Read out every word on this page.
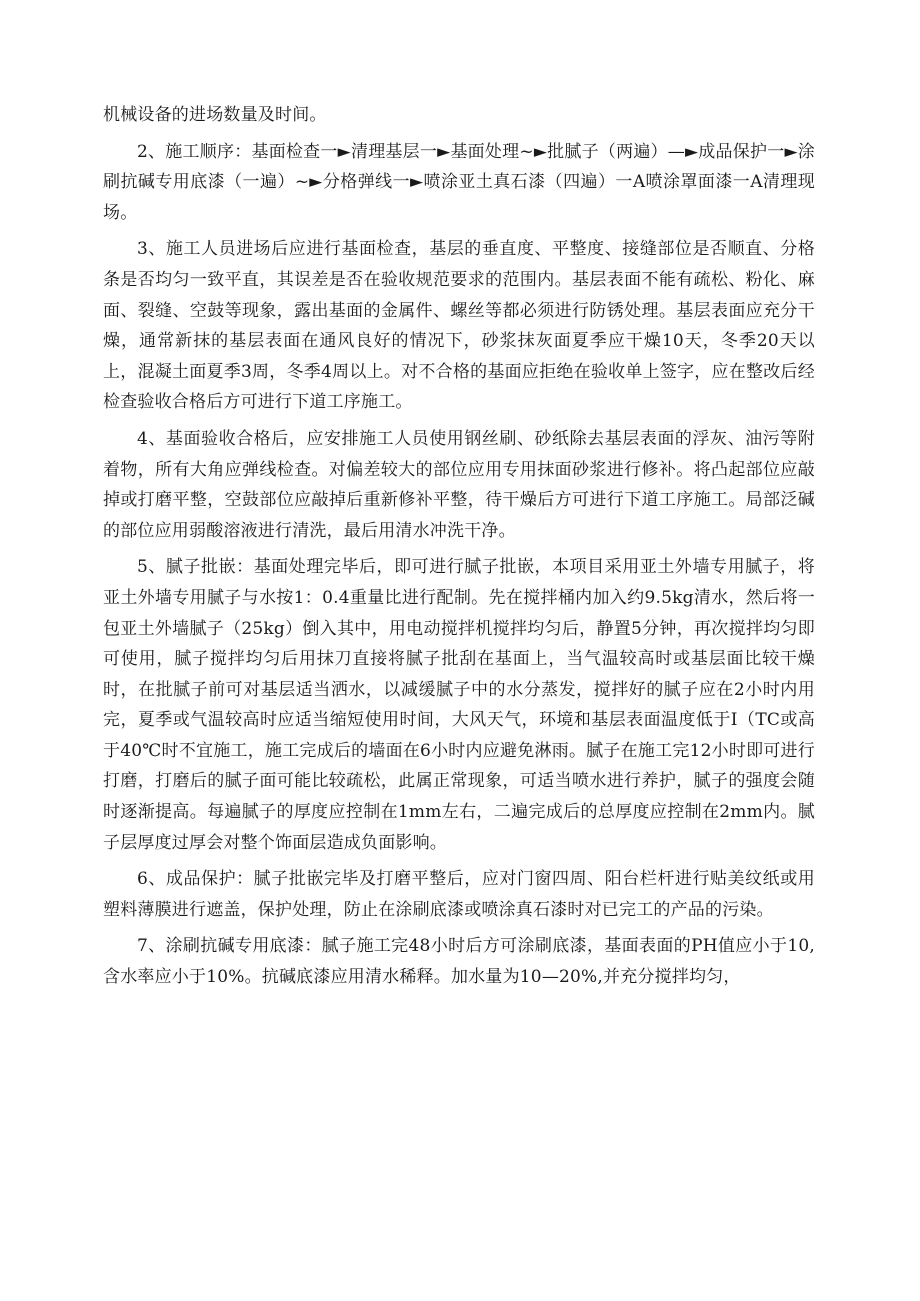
机械设备的进场数量及时间。

2、施工顺序：基面检查一►清理基层一►基面处理~►批腻子（两遍）—►成品保护一►涂刷抗碱专用底漆（一遍）~►分格弹线一►喷涂亚土真石漆（四遍）一A喷涂罩面漆一A清理现场。

3、施工人员进场后应进行基面检查，基层的垂直度、平整度、接缝部位是否顺直、分格条是否均匀一致平直，其误差是否在验收规范要求的范围内。基层表面不能有疏松、粉化、麻面、裂缝、空鼓等现象，露出基面的金属件、螺丝等都必须进行防锈处理。基层表面应充分干燥，通常新抹的基层表面在通风良好的情况下，砂浆抹灰面夏季应干燥10天，冬季20天以上，混凝土面夏季3周，冬季4周以上。对不合格的基面应拒绝在验收单上签字，应在整改后经检查验收合格后方可进行下道工序施工。

4、基面验收合格后，应安排施工人员使用钢丝刷、砂纸除去基层表面的浮灰、油污等附着物，所有大角应弹线检查。对偏差较大的部位应用专用抹面砂浆进行修补。将凸起部位应敲掉或打磨平整，空鼓部位应敲掉后重新修补平整，待干燥后方可进行下道工序施工。局部泛碱的部位应用弱酸溶液进行清洗，最后用清水冲洗干净。

5、腻子批嵌：基面处理完毕后，即可进行腻子批嵌，本项目采用亚土外墙专用腻子，将亚土外墙专用腻子与水按1：0.4重量比进行配制。先在搅拌桶内加入约9.5kg清水，然后将一包亚土外墙腻子（25kg）倒入其中，用电动搅拌机搅拌均匀后，静置5分钟，再次搅拌均匀即可使用，腻子搅拌均匀后用抹刀直接将腻子批刮在基面上，当气温较高时或基层面比较干燥时，在批腻子前可对基层适当洒水，以减缓腻子中的水分蒸发，搅拌好的腻子应在2小时内用完，夏季或气温较高时应适当缩短使用时间，大风天气，环境和基层表面温度低于I（TC或高于40℃时不宜施工，施工完成后的墙面在6小时内应避免淋雨。腻子在施工完12小时即可进行打磨，打磨后的腻子面可能比较疏松，此属正常现象，可适当喷水进行养护，腻子的强度会随时逐渐提高。每遍腻子的厚度应控制在1mm左右，二遍完成后的总厚度应控制在2mm内。腻子层厚度过厚会对整个饰面层造成负面影响。

6、成品保护：腻子批嵌完毕及打磨平整后，应对门窗四周、阳台栏杆进行贴美纹纸或用塑料薄膜进行遮盖，保护处理，防止在涂刷底漆或喷涂真石漆时对已完工的产品的污染。

7、涂刷抗碱专用底漆：腻子施工完48小时后方可涂刷底漆，基面表面的PH值应小于10,含水率应小于10%。抗碱底漆应用清水稀释。加水量为10—20%,并充分搅拌均匀，
